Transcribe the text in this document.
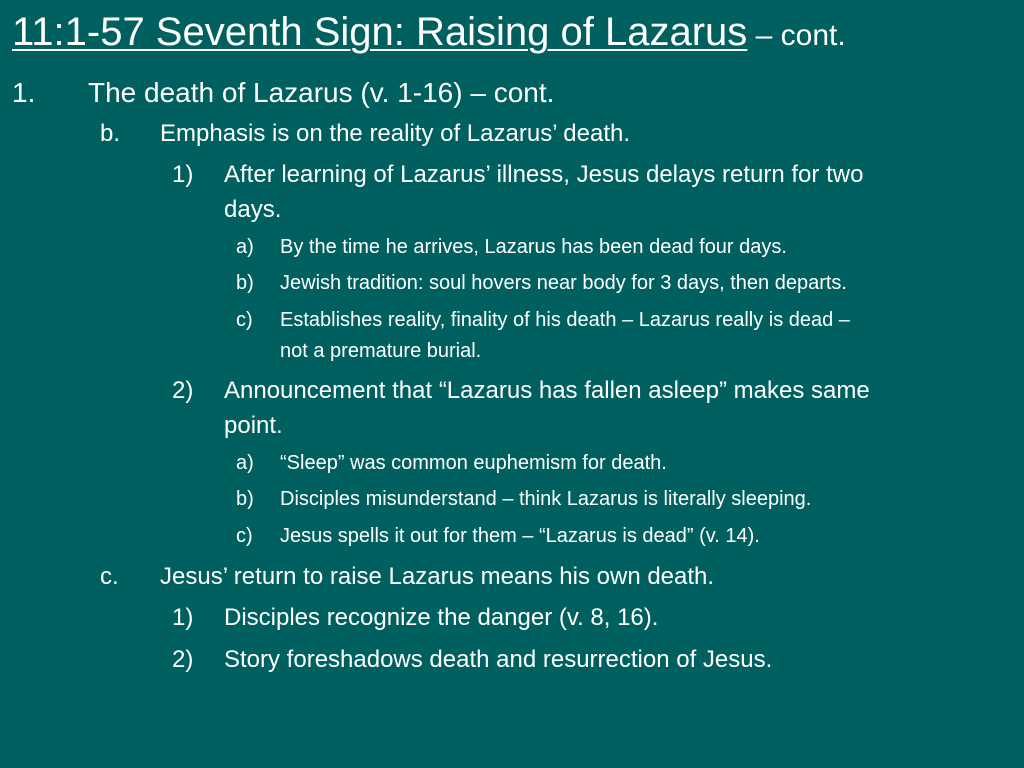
11:1-57 Seventh Sign: Raising of Lazarus – cont.
1. The death of Lazarus (v. 1-16) – cont.
b. Emphasis is on the reality of Lazarus’ death.
1) After learning of Lazarus’ illness, Jesus delays return for two
days.
a) By the time he arrives, Lazarus has been dead four days.
b) Jewish tradition: soul hovers near body for 3 days, then departs.
c) Establishes reality, finality of his death – Lazarus really is dead –
not a premature burial.
2) Announcement that “Lazarus has fallen asleep” makes same
point.
a) “Sleep” was common euphemism for death.
b) Disciples misunderstand – think Lazarus is literally sleeping.
c) Jesus spells it out for them – “Lazarus is dead” (v. 14).
c. Jesus’ return to raise Lazarus means his own death.
1) Disciples recognize the danger (v. 8, 16).
2) Story foreshadows death and resurrection of Jesus.
